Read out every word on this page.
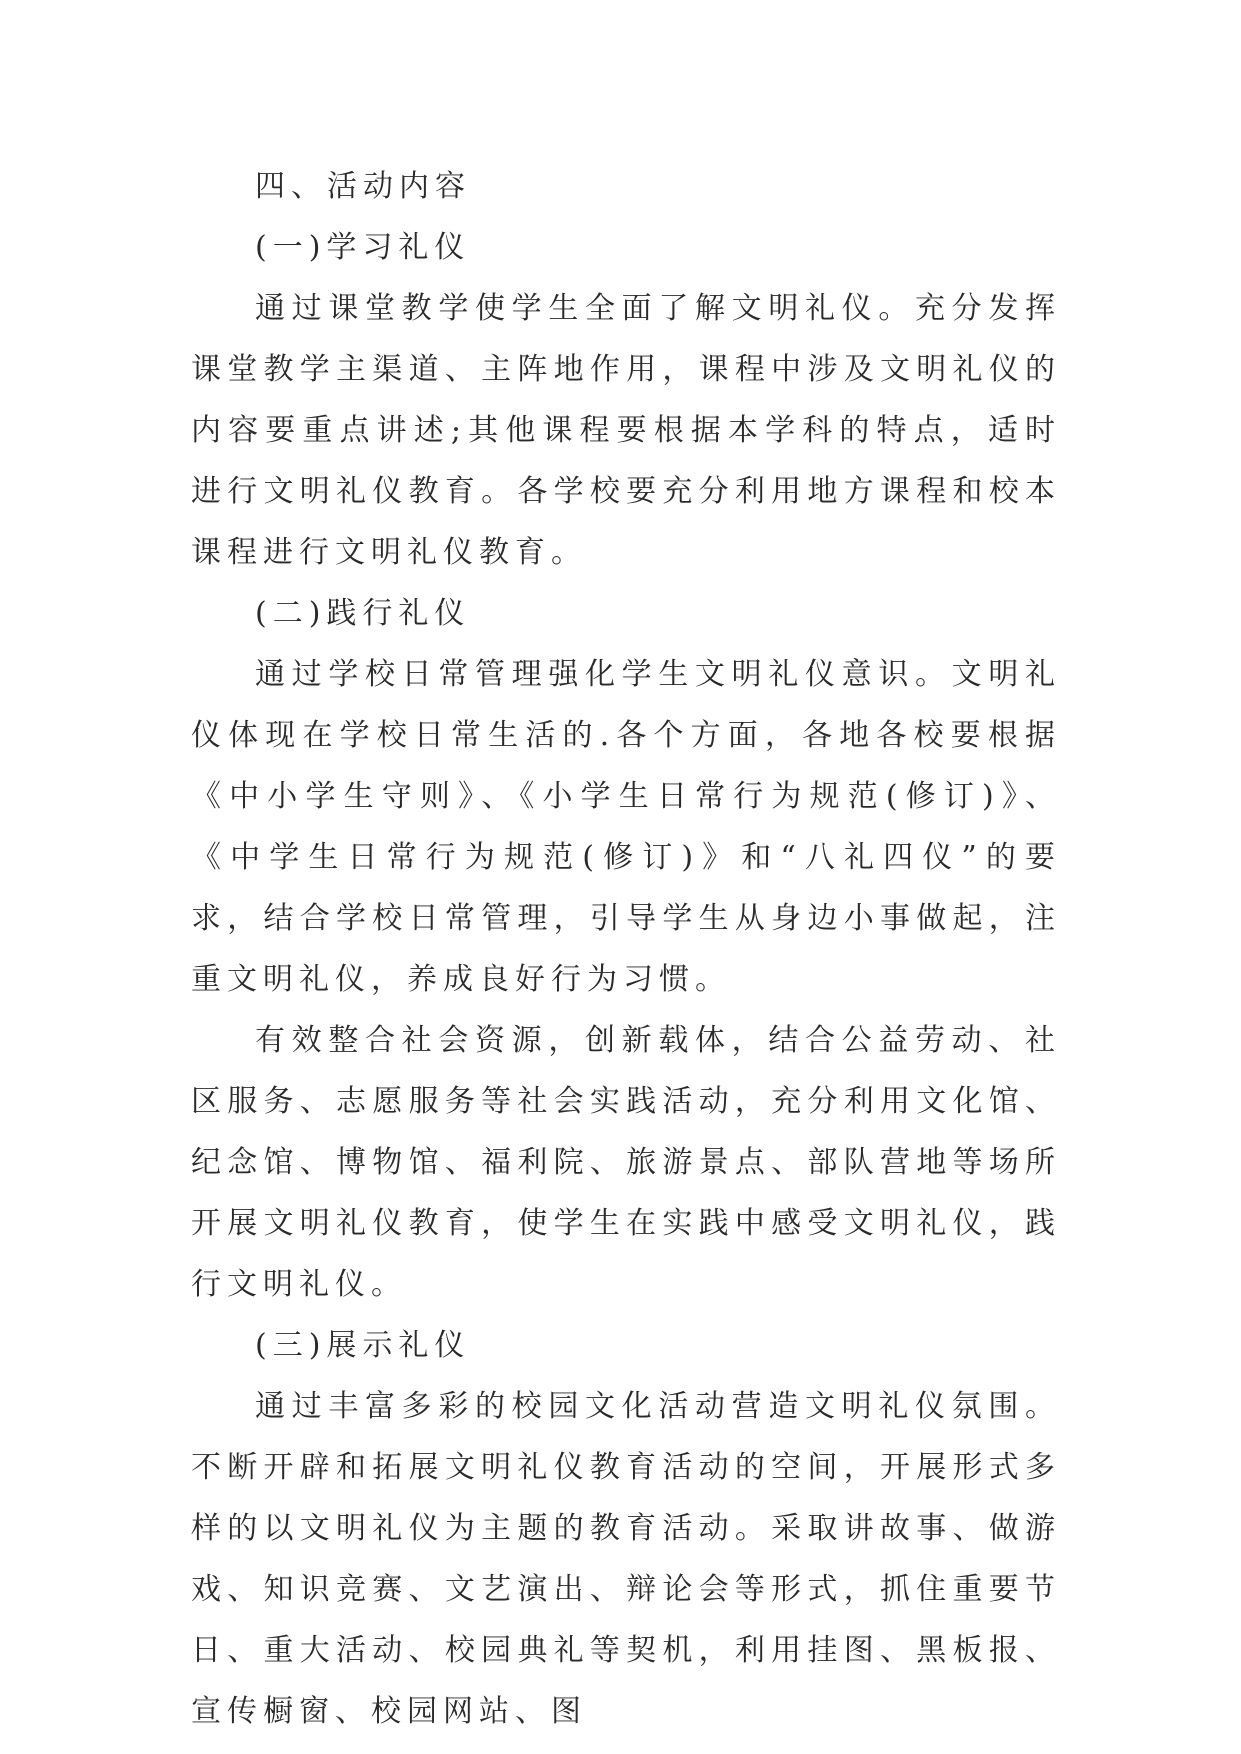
四、活动内容

(一)学习礼仪

通过课堂教学使学生全面了解文明礼仪。充分发挥课堂教学主渠道、主阵地作用，课程中涉及文明礼仪的内容要重点讲述;其他课程要根据本学科的特点，适时进行文明礼仪教育。各学校要充分利用地方课程和校本课程进行文明礼仪教育。

(二)践行礼仪

通过学校日常管理强化学生文明礼仪意识。文明礼仪体现在学校日常生活的.各个方面，各地各校要根据《中小学生守则》、《小学生日常行为规范(修订)》、《中学生日常行为规范(修订)》和“八礼四仪”的要求，结合学校日常管理，引导学生从身边小事做起，注重文明礼仪，养成良好行为习惯。

有效整合社会资源，创新载体，结合公益劳动、社区服务、志愿服务等社会实践活动，充分利用文化馆、纪念馆、博物馆、福利院、旅游景点、部队营地等场所开展文明礼仪教育，使学生在实践中感受文明礼仪，践行文明礼仪。

(三)展示礼仪

通过丰富多彩的校园文化活动营造文明礼仪氛围。不断开辟和拓展文明礼仪教育活动的空间，开展形式多样的以文明礼仪为主题的教育活动。采取讲故事、做游戏、知识竞赛、文艺演出、辩论会等形式，抓住重要节日、重大活动、校园典礼等契机，利用挂图、黑板报、宣传橱窗、校园网站、图
